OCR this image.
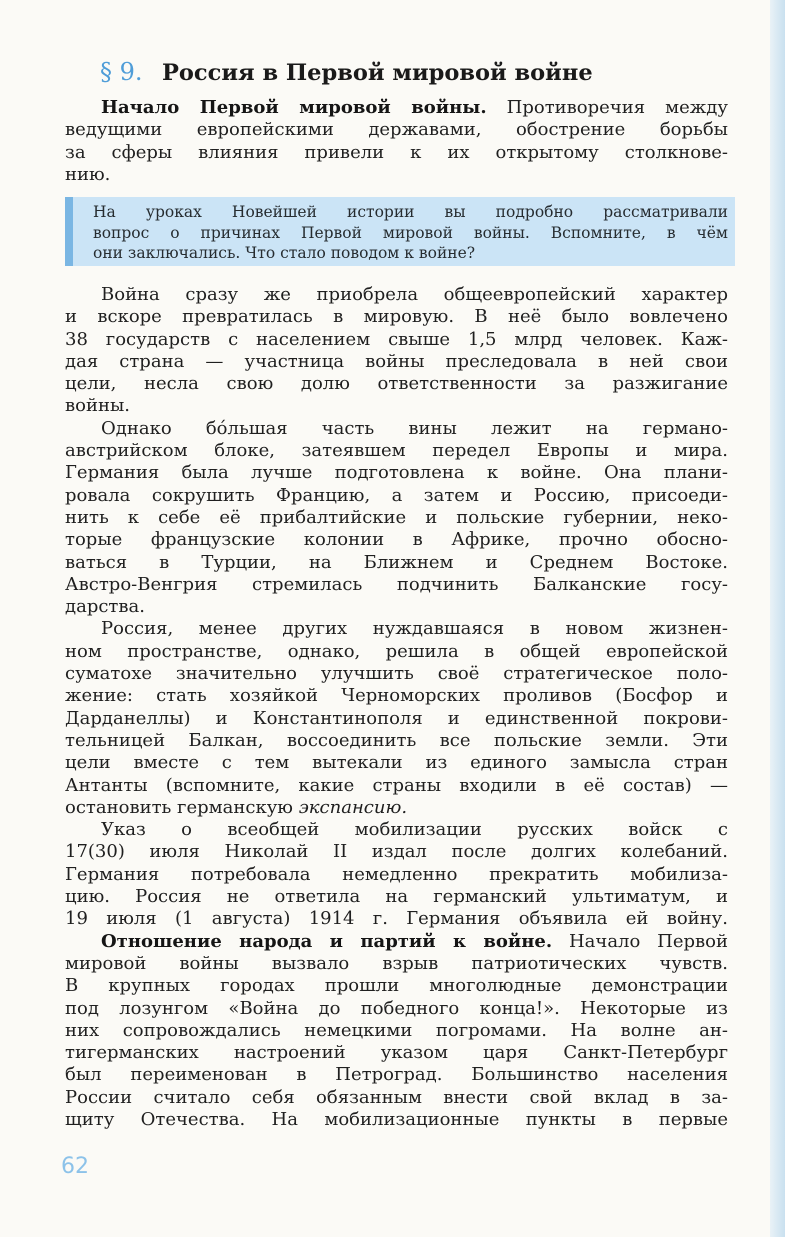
§ 9. Россия в Первой мировой войне
Начало Первой мировой войны. Противоречия между
ведущими европейскими державами, обострение борьбы
за сферы влияния привели к их открытому столкнове-
нию.
На уроках Новейшей истории вы подробно рассматривали
вопрос о причинах Первой мировой войны. Вспомните, в чём
они заключались. Что стало поводом к войне?
Война сразу же приобрела общеевропейский характер
и вскоре превратилась в мировую. В неё было вовлечено
38 государств с населением свыше 1,5 млрд человек. Каж-
дая страна — участница войны преследовала в ней свои
цели, несла свою долю ответственности за разжигание
войны.
Однако бо́льшая часть вины лежит на германо-
австрийском блоке, затеявшем передел Европы и мира.
Германия была лучше подготовлена к войне. Она плани-
ровала сокрушить Францию, а затем и Россию, присоеди-
нить к себе её прибалтийские и польские губернии, неко-
торые французские колонии в Африке, прочно обосно-
ваться в Турции, на Ближнем и Среднем Востоке.
Австро-Венгрия стремилась подчинить Балканские госу-
дарства.
Россия, менее других нуждавшаяся в новом жизнен-
ном пространстве, однако, решила в общей европейской
суматохе значительно улучшить своё стратегическое поло-
жение: стать хозяйкой Черноморских проливов (Босфор и
Дарданеллы) и Константинополя и единственной покрови-
тельницей Балкан, воссоединить все польские земли. Эти
цели вместе с тем вытекали из единого замысла стран
Антанты (вспомните, какие страны входили в её состав) —
остановить германскую экспансию.
Указ о всеобщей мобилизации русских войск с
17(30) июля Николай II издал после долгих колебаний.
Германия потребовала немедленно прекратить мобилиза-
цию. Россия не ответила на германский ультиматум, и
19 июля (1 августа) 1914 г. Германия объявила ей войну.
Отношение народа и партий к войне. Начало Первой
мировой войны вызвало взрыв патриотических чувств.
В крупных городах прошли многолюдные демонстрации
под лозунгом «Война до победного конца!». Некоторые из
них сопровождались немецкими погромами. На волне ан-
тигерманских настроений указом царя Санкт-Петербург
был переименован в Петроград. Большинство населения
России считало себя обязанным внести свой вклад в за-
щиту Отечества. На мобилизационные пункты в первые
62
